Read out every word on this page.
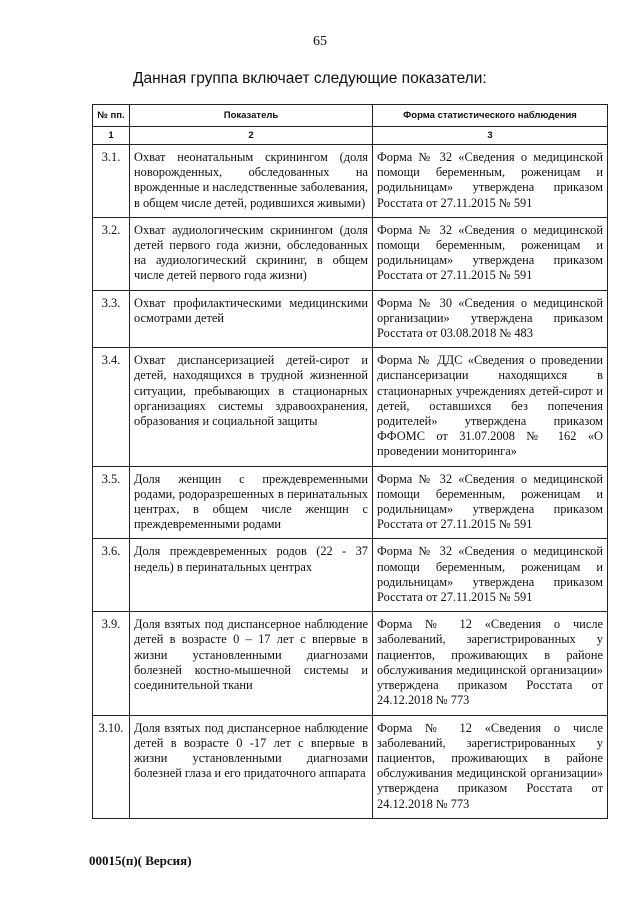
65
Данная группа включает следующие показатели:
№ пп.	Показатель	Форма статистического наблюдения
1	2	3
3.1.	Охват неонатальным скринингом (доля новорожденных, обследованных на врожденные и наследственные заболевания, в общем числе детей, родившихся живыми)	Форма № 32 «Сведения о медицинской помощи беременным, роженицам и родильницам» утверждена приказом Росстата от 27.11.2015 № 591
3.2.	Охват аудиологическим скринингом (доля детей первого года жизни, обследованных на аудиологический скрининг, в общем числе детей первого года жизни)	Форма № 32 «Сведения о медицинской помощи беременным, роженицам и родильницам» утверждена приказом Росстата от 27.11.2015 № 591
3.3.	Охват профилактическими медицинскими осмотрами детей	Форма № 30 «Сведения о медицинской организации» утверждена приказом Росстата от 03.08.2018 № 483
3.4.	Охват диспансеризацией детей-сирот и детей, находящихся в трудной жизненной ситуации, пребывающих в стационарных организациях системы здравоохранения, образования и социальной защиты	Форма № ДДС «Сведения о проведении диспансеризации находящихся в стационарных учреждениях детей-сирот и детей, оставшихся без попечения родителей» утверждена приказом ФФОМС от 31.07.2008 № 162 «О проведении мониторинга»
3.5.	Доля женщин с преждевременными родами, родоразрешенных в перинатальных центрах, в общем числе женщин с преждевременными родами	Форма № 32 «Сведения о медицинской помощи беременным, роженицам и родильницам» утверждена приказом Росстата от 27.11.2015 № 591
3.6.	Доля преждевременных родов (22 - 37 недель) в перинатальных центрах	Форма № 32 «Сведения о медицинской помощи беременным, роженицам и родильницам» утверждена приказом Росстата от 27.11.2015 № 591
3.9.	Доля взятых под диспансерное наблюдение детей в возрасте 0 – 17 лет с впервые в жизни установленными диагнозами болезней костно-мышечной системы и соединительной ткани	Форма № 12 «Сведения о числе заболеваний, зарегистрированных у пациентов, проживающих в районе обслуживания медицинской организации» утверждена приказом Росстата от 24.12.2018 № 773
3.10.	Доля взятых под диспансерное наблюдение детей в возрасте 0 -17 лет с впервые в жизни установленными диагнозами болезней глаза и его придаточного аппарата	Форма № 12 «Сведения о числе заболеваний, зарегистрированных у пациентов, проживающих в районе обслуживания медицинской организации» утверждена приказом Росстата от 24.12.2018 № 773
00015(п)( Версия)
